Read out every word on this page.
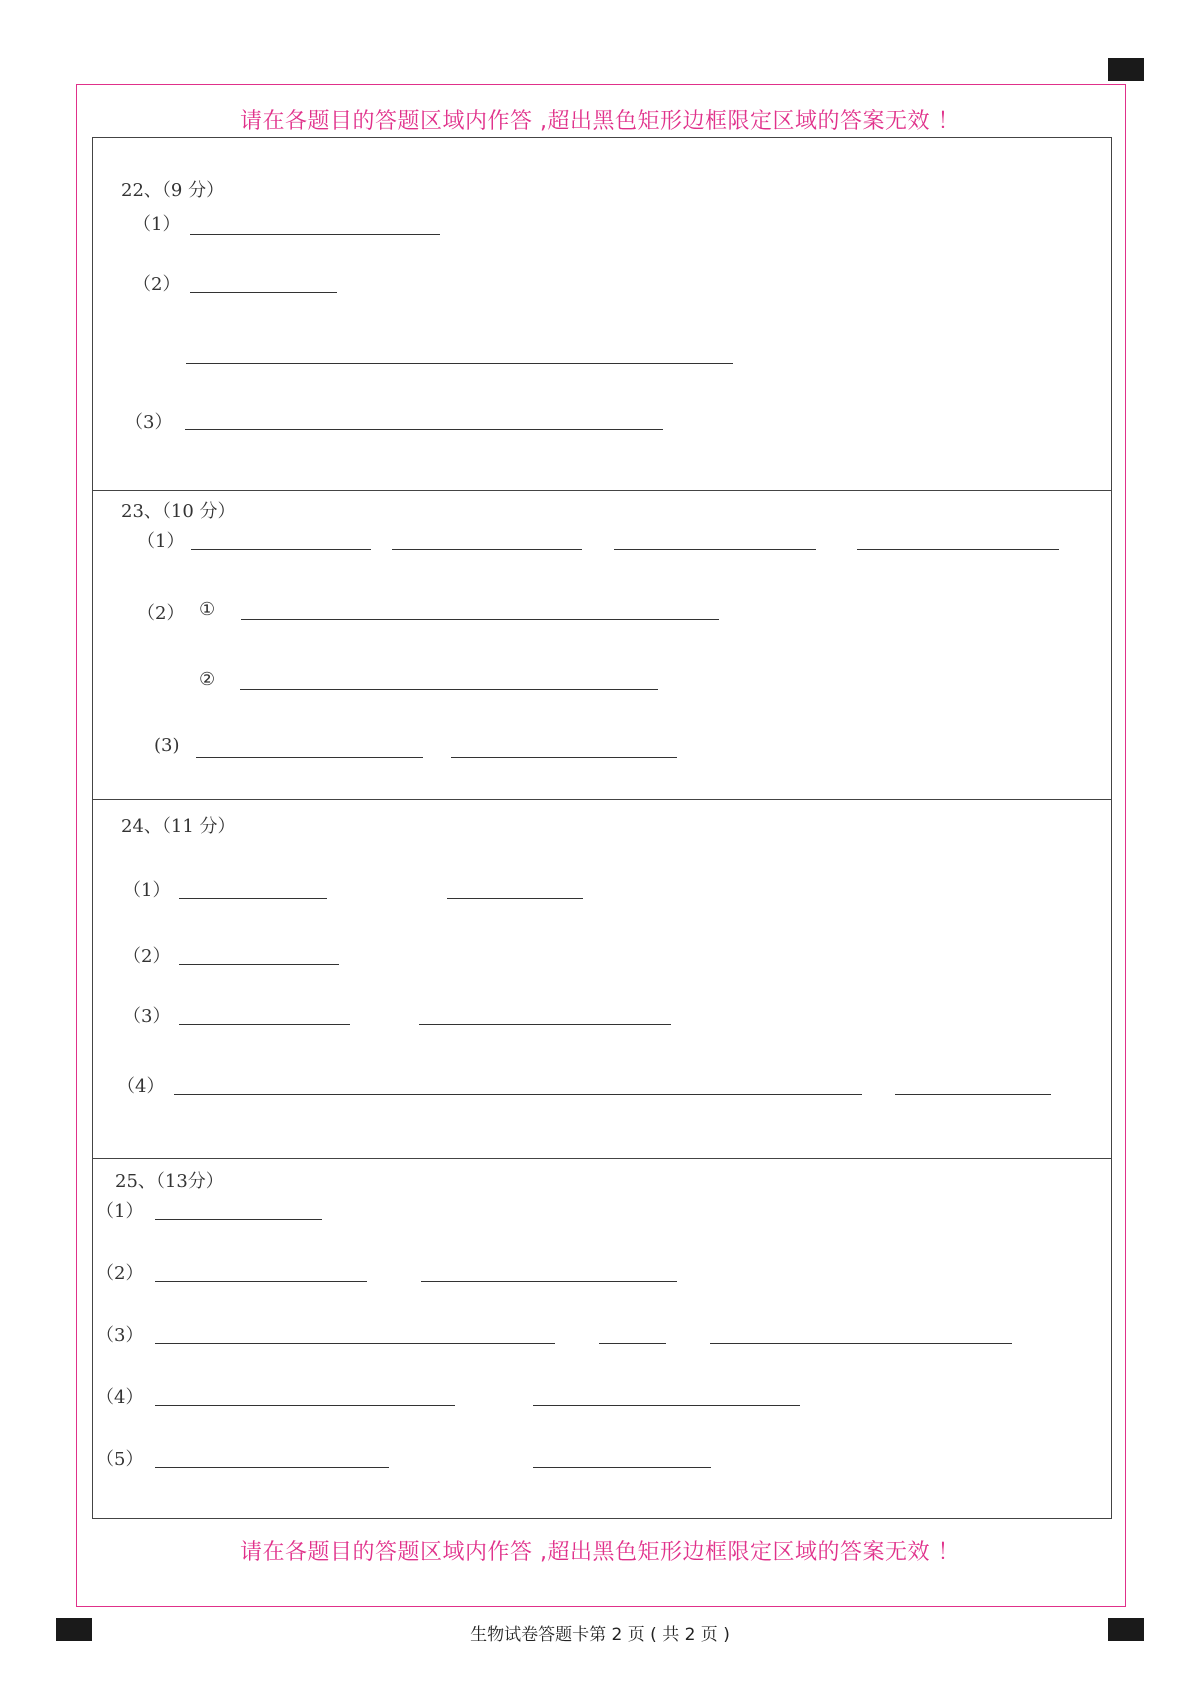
请在各题目的答题区域内作答 ,超出黑色矩形边框限定区域的答案无效 ！
22、（9 分）
（1）
（2）
（3）
23、（10 分）
（1）
（2） ①
②
(3)
24、（11 分）
（1）
（2）
（3）
（4）
25、（13分）
（1）
（2）
（3）
（4）
（5）
请在各题目的答题区域内作答 ,超出黑色矩形边框限定区域的答案无效 ！
生物试卷答题卡第 2 页 ( 共 2 页 )
